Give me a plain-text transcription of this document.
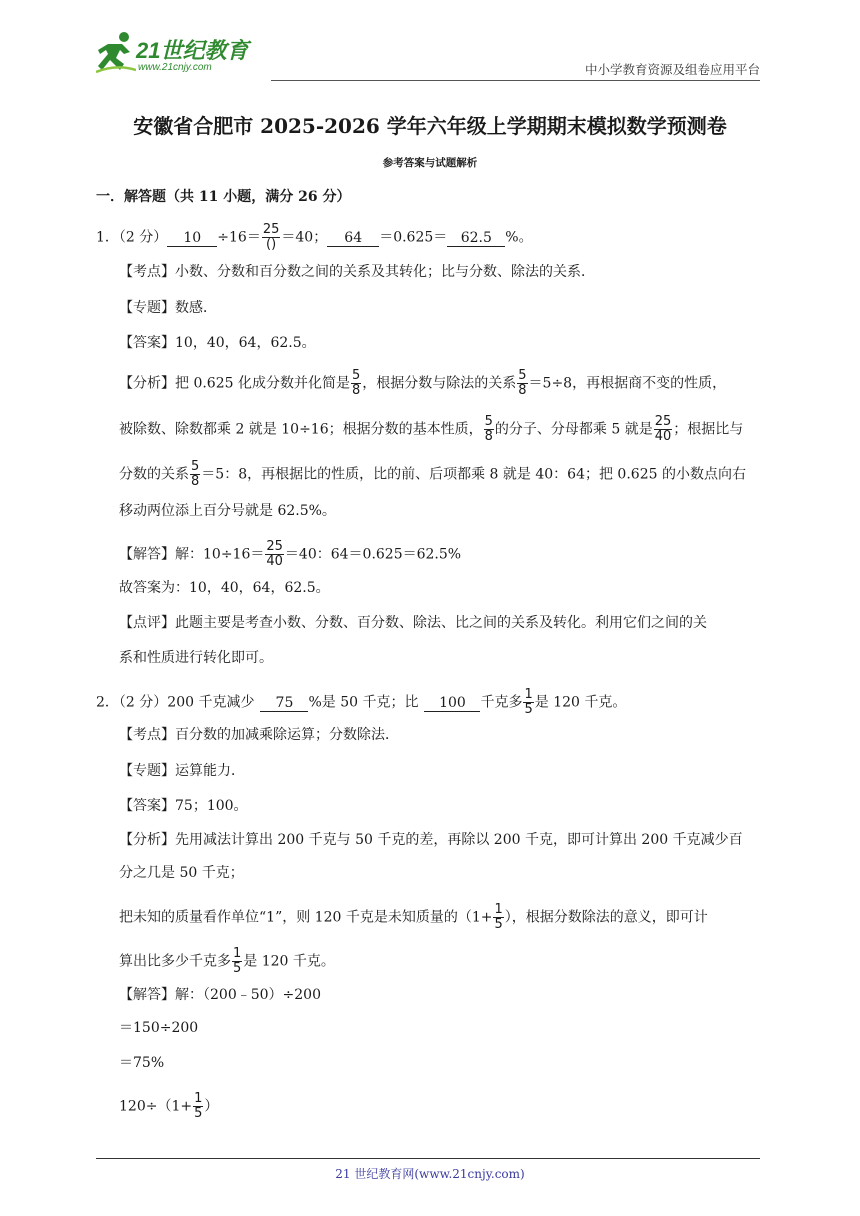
21世纪教育
www.21cnjy.com	中小学教育资源及组卷应用平台
安徽省合肥市 2025-2026 学年六年级上学期期末模拟数学预测卷
参考答案与试题解析
一．解答题（共 11 小题，满分 26 分）
1．（2 分） $10 \div 16= \frac{25}{()} =40$； 64 ＝0.625＝ 62.5 %。
【考点】小数、分数和百分数之间的关系及其转化；比与分数、除法的关系．
【专题】数感．
【答案】10，40，64，62.5。
【分析】把 0.625 化成分数并化简是 $\frac{5}{8}$ ，根据分数与除法的关系 $\frac{5}{8} =5\div 8$，再根据商不变的性质，
被除数、除数都乘 2 就是 10÷16；根据分数的基本性质， $\frac{5}{8}$ 的分子、分母都乘 5 就是 $\frac{25}{40}$ ；根据比与
分数的关系 $\frac{5}{8} =5$：8，再根据比的性质，比的前、后项都乘 8 就是 40：64；把 0.625 的小数点向右
移动两位添上百分号就是 62.5%。
【解答】解：$10\div 16= \frac{25}{40} =40$：64＝0.625＝62.5%
故答案为：10，40，64，62.5。
【点评】此题主要是考查小数、分数、百分数、除法、比之间的关系及转化。利用它们之间的关
系和性质进行转化即可。
2．（2 分）200 千克减少 75 %是 50 千克；比 100 千克多 $\frac{1}{5}$ 是 120 千克。
【考点】百分数的加减乘除运算；分数除法．
【专题】运算能力．
【答案】75；100。
【分析】先用减法计算出 200 千克与 50 千克的差，再除以 200 千克，即可计算出 200 千克减少百
分之几是 50 千克；
把未知的质量看作单位“1”，则 120 千克是未知质量的（$1+ \frac{1}{5}$ ），根据分数除法的意义，即可计
算出比多少千克多 $\frac{1}{5}$ 是 120 千克。
【解答】解：（200﹣50）÷200
＝150÷200
＝75%
$120\div(1+ \frac{1}{5}$ ）
21 世纪教育网(www.21cnjy.com)
